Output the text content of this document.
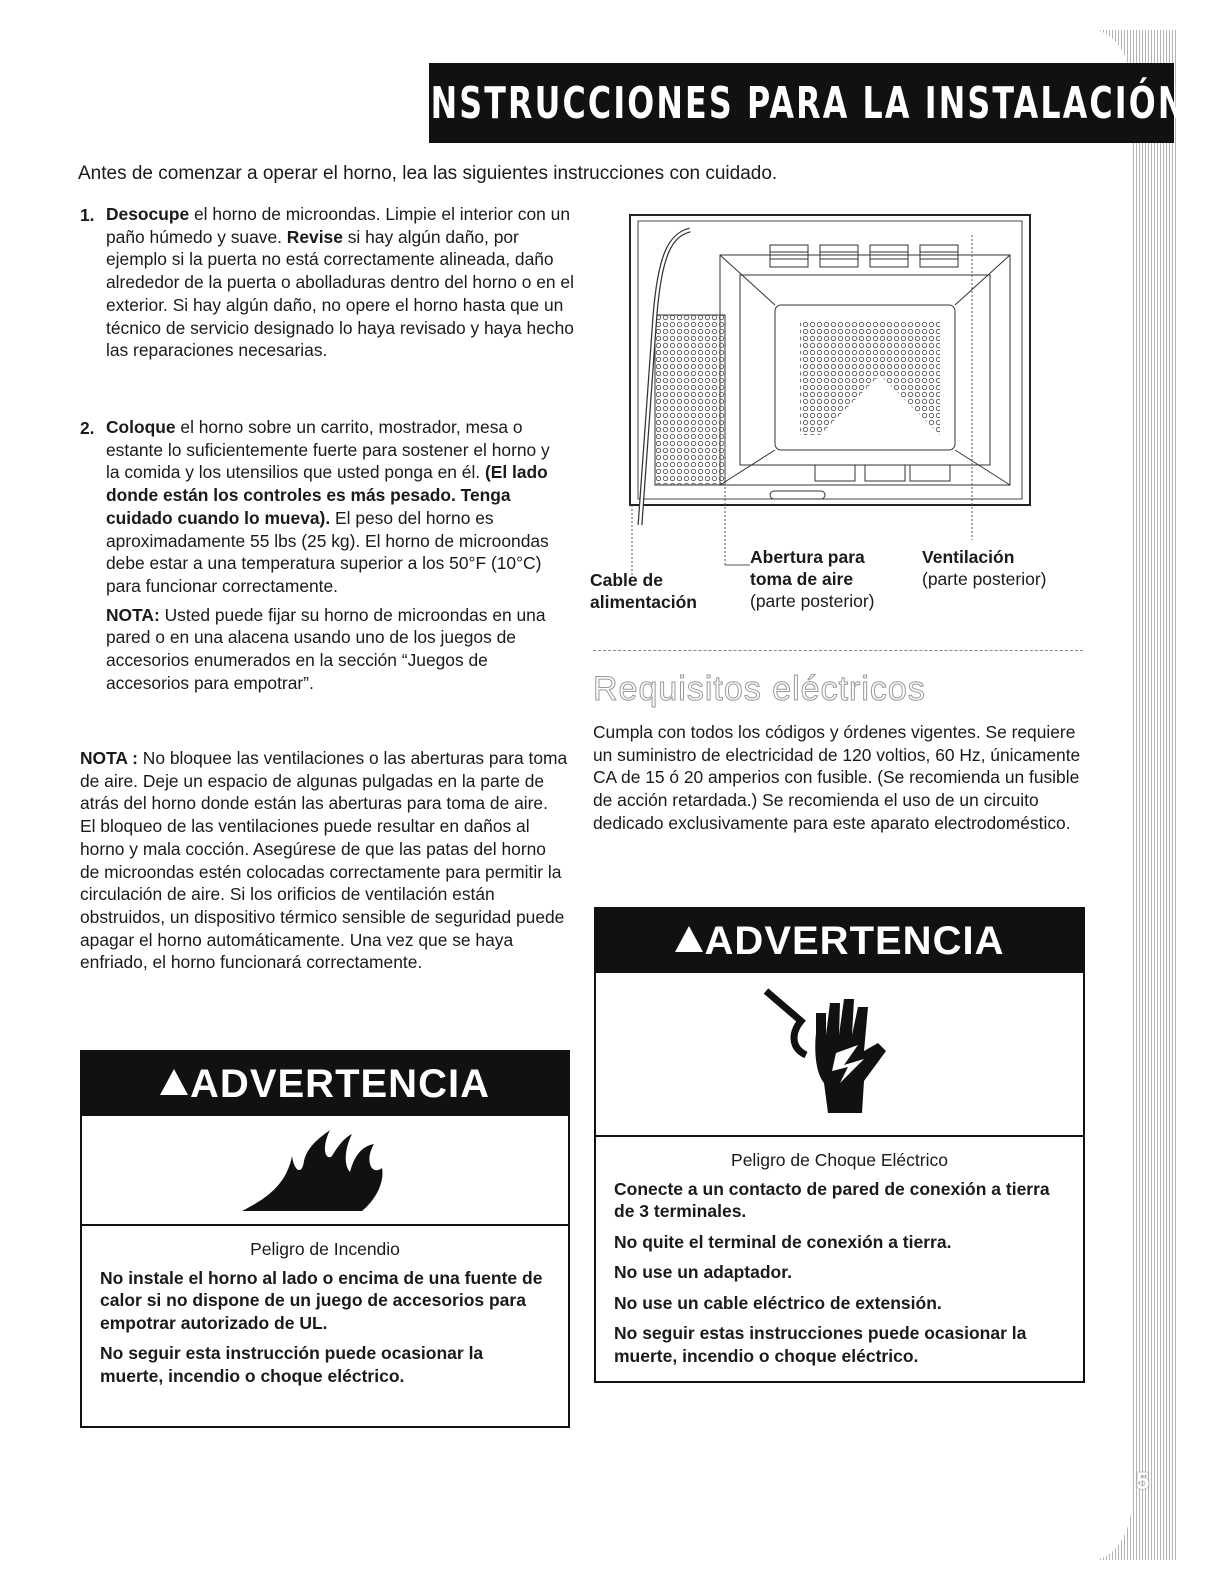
5
INSTRUCCIONES PARA LA INSTALACIÓN
Antes de comenzar a operar el horno, lea las siguientes instrucciones con cuidado.
1. Desocupe el horno de microondas. Limpie el interior con un paño húmedo y suave. Revise si hay algún daño, por ejemplo si la puerta no está correctamente alineada, daño alrededor de la puerta o abolladuras dentro del horno o en el exterior. Si hay algún daño, no opere el horno hasta que un técnico de servicio designado lo haya revisado y haya hecho las reparaciones necesarias.
2. Coloque el horno sobre un carrito, mostrador, mesa o estante lo suficientemente fuerte para sostener el horno y la comida y los utensilios que usted ponga en él. (El lado donde están los controles es más pesado. Tenga cuidado cuando lo mueva). El peso del horno es aproximadamente 55 lbs (25 kg). El horno de microondas debe estar a una temperatura superior a los 50°F (10°C) para funcionar correctamente.
NOTA: Usted puede fijar su horno de microondas en una pared o en una alacena usando uno de los juegos de accesorios enumerados en la sección “Juegos de accesorios para empotrar”.
NOTA : No bloquee las ventilaciones o las aberturas para toma de aire. Deje un espacio de algunas pulgadas en la parte de atrás del horno donde están las aberturas para toma de aire. El bloqueo de las ventilaciones puede resultar en daños al horno y mala cocción. Asegúrese de que las patas del horno de microondas estén colocadas correctamente para permitir la circulación de aire. Si los orificios de ventilación están obstruidos, un dispositivo térmico sensible de seguridad puede apagar el horno automáticamente. Una vez que se haya enfriado, el horno funcionará correctamente.
Cable de
alimentación
Abertura para
toma de aire
(parte posterior)
Ventilación
(parte posterior)
Requisitos eléctricos
Cumpla con todos los códigos y órdenes vigentes. Se requiere un suministro de electricidad de 120 voltios, 60 Hz, únicamente CA de 15 ó 20 amperios con fusible. (Se recomienda un fusible de acción retardada.) Se recomienda el uso de un circuito dedicado exclusivamente para este aparato electrodoméstico.
ADVERTENCIA
Peligro de Incendio

No instale el horno al lado o encima de una fuente de calor si no dispone de un juego de accesorios para empotrar autorizado de UL.

No seguir esta instrucción puede ocasionar la muerte, incendio o choque eléctrico.

ADVERTENCIA
Peligro de Choque Eléctrico

Conecte a un contacto de pared de conexión a tierra de 3 terminales.

No quite el terminal de conexión a tierra.

No use un adaptador.

No use un cable eléctrico de extensión.

No seguir estas instrucciones puede ocasionar la muerte, incendio o choque eléctrico.
